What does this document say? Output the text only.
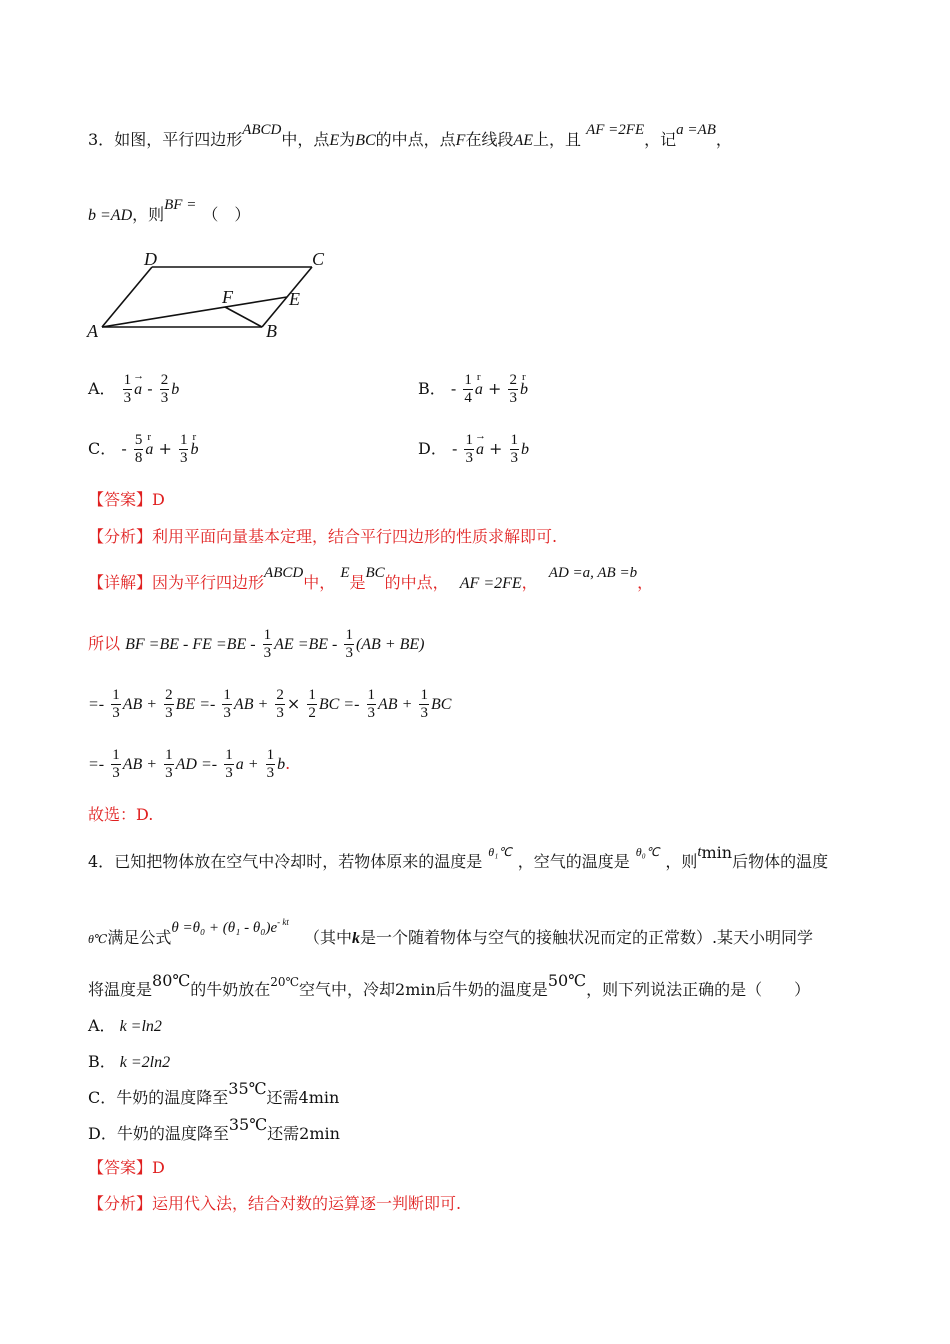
3．如图，平行四边形ABCD中，点E为BC的中点，点F在线段AE上，且 AF =2FE，记a =AB，
b =AD，则BF = （　）
D	C
F	E
A	B
A． $\frac{1}{3}$
→ a - $\frac{2}{3}$ b	B． - $\frac{1}{4}$
r $a + \frac{2}{3}$
r b
C． - $\frac{5}{8}$
r $a + \frac{1}{3}$
r b	D． - $\frac{1}{3}$
→ $a + \frac{1}{3}$ b
【答案】D
【分析】利用平面向量基本定理，结合平行四边形的性质求解即可.
【详解】因为平行四边形ABCD中， E是BC的中点， AF =2FE， AD =a, AB =b，
所以 BF =BE - FE $=BE - \frac{1}{3}$ AE $=BE - \frac{1}{3} (AB + BE)$
=- $\frac{1}{3}$ AB + $\frac{2}{3}$ BE =- $\frac{1}{3}$ AB + $\frac{2}{3} \times \frac{1}{2}$ BC =- $\frac{1}{3}$ AB + $\frac{1}{3}$ BC
=- $\frac{1}{3}$ AB + $\frac{1}{3}$ AD =- $\frac{1}{3}$ $a + \frac{1}{3} b$.
故选：D.
4．已知把物体放在空气中冷却时，若物体原来的温度是 $^{\theta_1℃}$ ，空气的温度是 $^{\theta_0℃}$ ，则tmin后物体的温度
θ℃满足公式$\theta =\theta_0 + (\theta_1 - \theta_0)e^{- kt}$ （其中k是一个随着物体与空气的接触状况而定的正常数）.某天小明同学
将温度是80℃的牛奶放在$^{20℃}$空气中，冷却2min后牛奶的温度是50℃，则下列说法正确的是（　　）
A． k =ln2
B． k =2ln2
C．牛奶的温度降至35℃还需4min
D．牛奶的温度降至35℃还需2min
【答案】D
【分析】运用代入法，结合对数的运算逐一判断即可.
